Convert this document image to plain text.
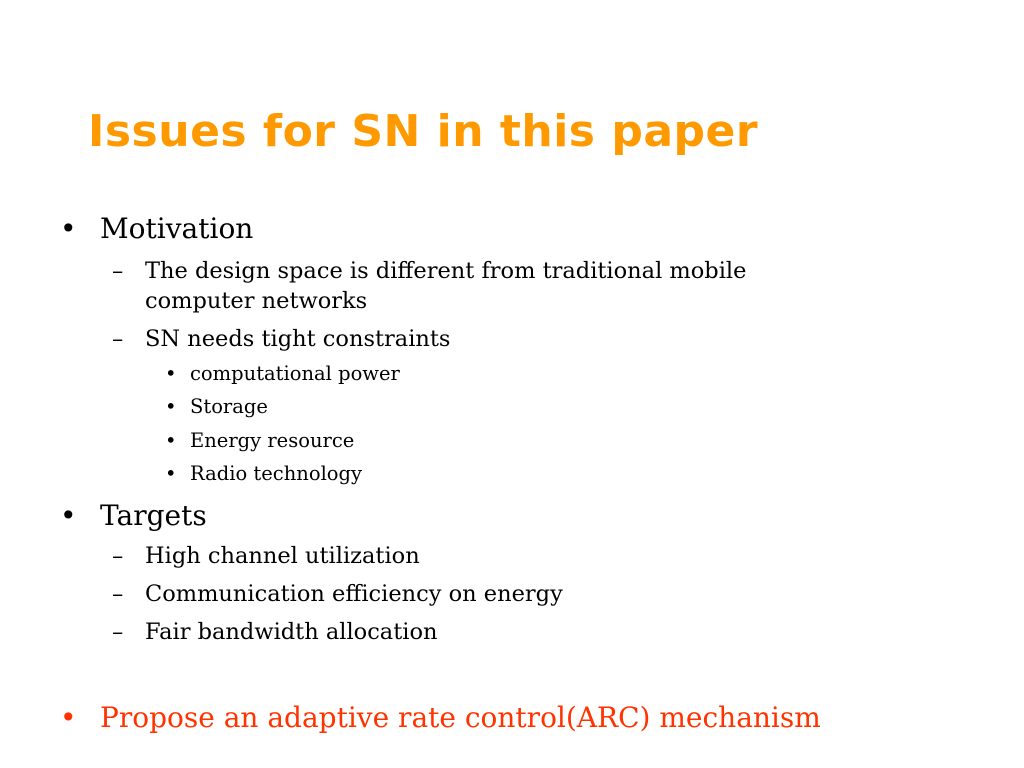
Issues for SN in this paper
• Motivation
– The design space is different from traditional mobile
computer networks
– SN needs tight constraints
• computational power
• Storage
• Energy resource
• Radio technology
• Targets
– High channel utilization
– Communication efficiency on energy
– Fair bandwidth allocation
• Propose an adaptive rate control(ARC) mechanism
